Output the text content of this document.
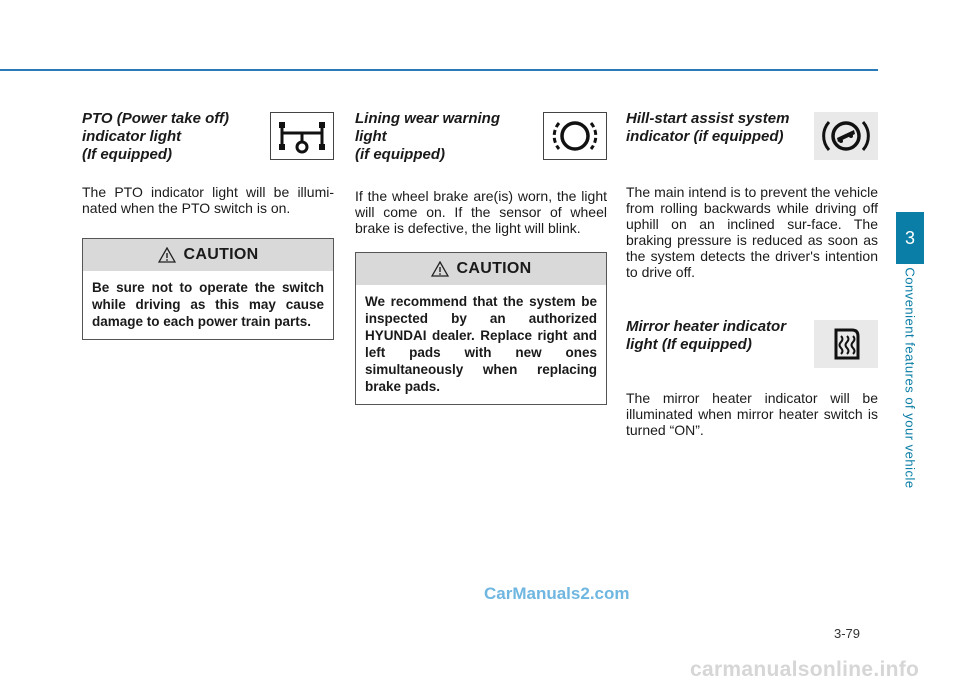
PTO (Power take off)
indicator light
(If equipped)

The PTO indicator light will be illumi-nated when the PTO switch is on.

CAUTION
Be sure not to operate the switch while driving as this may cause damage to each power train parts.
Lining wear warning
light
(if equipped)

If the wheel brake are(is) worn, the light will come on. If the sensor of wheel brake is defective, the light will blink.

CAUTION
We recommend that the system be inspected by an authorized HYUNDAI dealer. Replace right and left pads with new ones simultaneously when replacing brake pads.
Hill-start assist system
indicator (if equipped)

The main intend is to prevent the vehicle from rolling backwards while driving off uphill on an inclined sur-face. The braking pressure is reduced as soon as the system detects the driver's intention to drive off.

Mirror heater indicator
light (If equipped)

The mirror heater indicator will be illuminated when mirror heater switch is turned “ON”.

3
Convenient features of your vehicle
3-79
CarManuals2.com
carmanualsonline.info
